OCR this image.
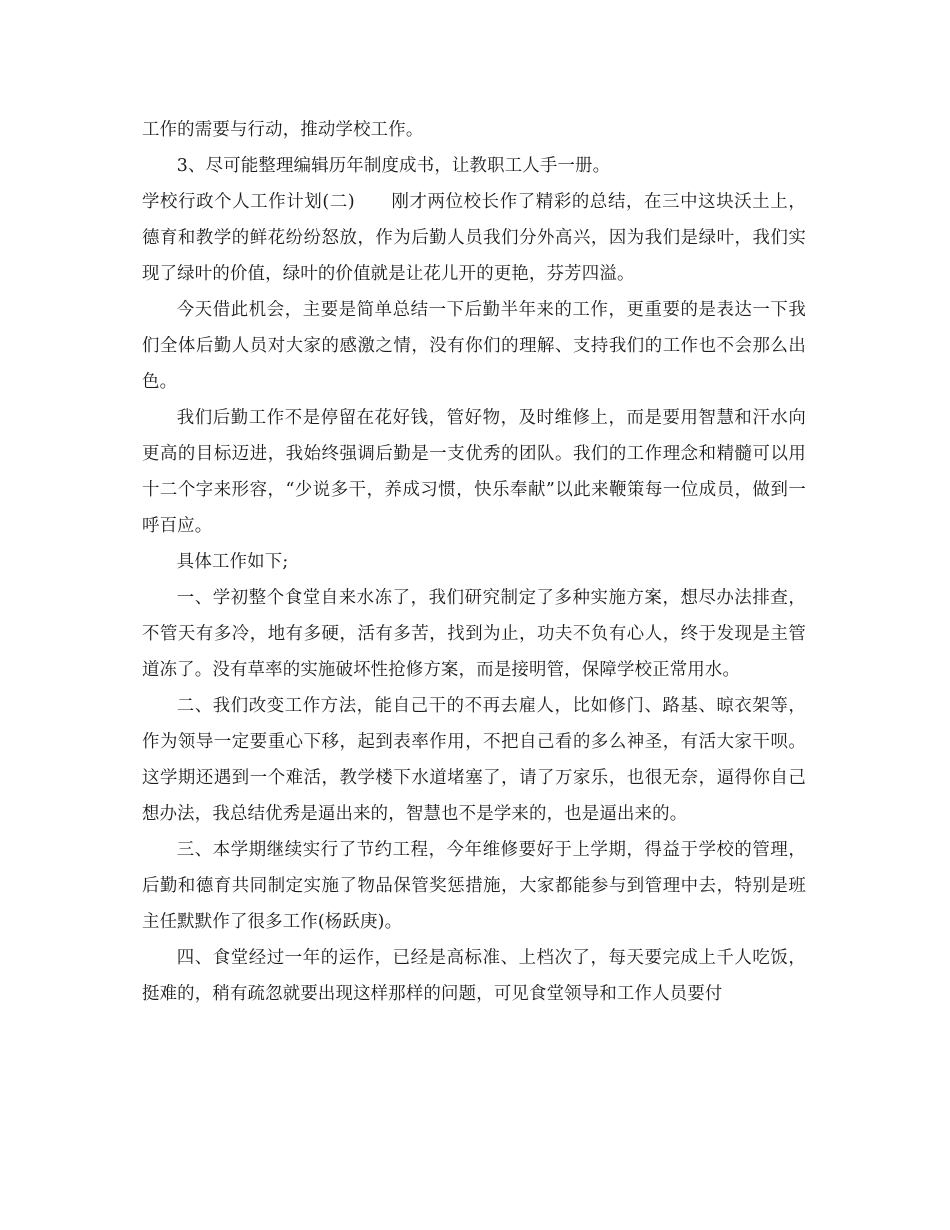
工作的需要与行动，推动学校工作。

3、尽可能整理编辑历年制度成书，让教职工人手一册。

学校行政个人工作计划(二)　　刚才两位校长作了精彩的总结，在三中这块沃土上，德育和教学的鲜花纷纷怒放，作为后勤人员我们分外高兴，因为我们是绿叶，我们实现了绿叶的价值，绿叶的价值就是让花儿开的更艳，芬芳四溢。

今天借此机会，主要是简单总结一下后勤半年来的工作，更重要的是表达一下我们全体后勤人员对大家的感激之情，没有你们的理解、支持我们的工作也不会那么出色。

我们后勤工作不是停留在花好钱，管好物，及时维修上，而是要用智慧和汗水向更高的目标迈进，我始终强调后勤是一支优秀的团队。我们的工作理念和精髓可以用十二个字来形容，“少说多干，养成习惯，快乐奉献”以此来鞭策每一位成员，做到一呼百应。

具体工作如下;

一、学初整个食堂自来水冻了，我们研究制定了多种实施方案，想尽办法排查，不管天有多冷，地有多硬，活有多苦，找到为止，功夫不负有心人，终于发现是主管道冻了。没有草率的实施破坏性抢修方案，而是接明管，保障学校正常用水。

二、我们改变工作方法，能自己干的不再去雇人，比如修门、路基、晾衣架等，作为领导一定要重心下移，起到表率作用，不把自己看的多么神圣，有活大家干呗。这学期还遇到一个难活，教学楼下水道堵塞了，请了万家乐，也很无奈，逼得你自己想办法，我总结优秀是逼出来的，智慧也不是学来的，也是逼出来的。

三、本学期继续实行了节约工程，今年维修要好于上学期，得益于学校的管理，后勤和德育共同制定实施了物品保管奖惩措施，大家都能参与到管理中去，特别是班主任默默作了很多工作(杨跃庚)。

四、食堂经过一年的运作，已经是高标准、上档次了，每天要完成上千人吃饭，挺难的，稍有疏忽就要出现这样那样的问题，可见食堂领导和工作人员要付
